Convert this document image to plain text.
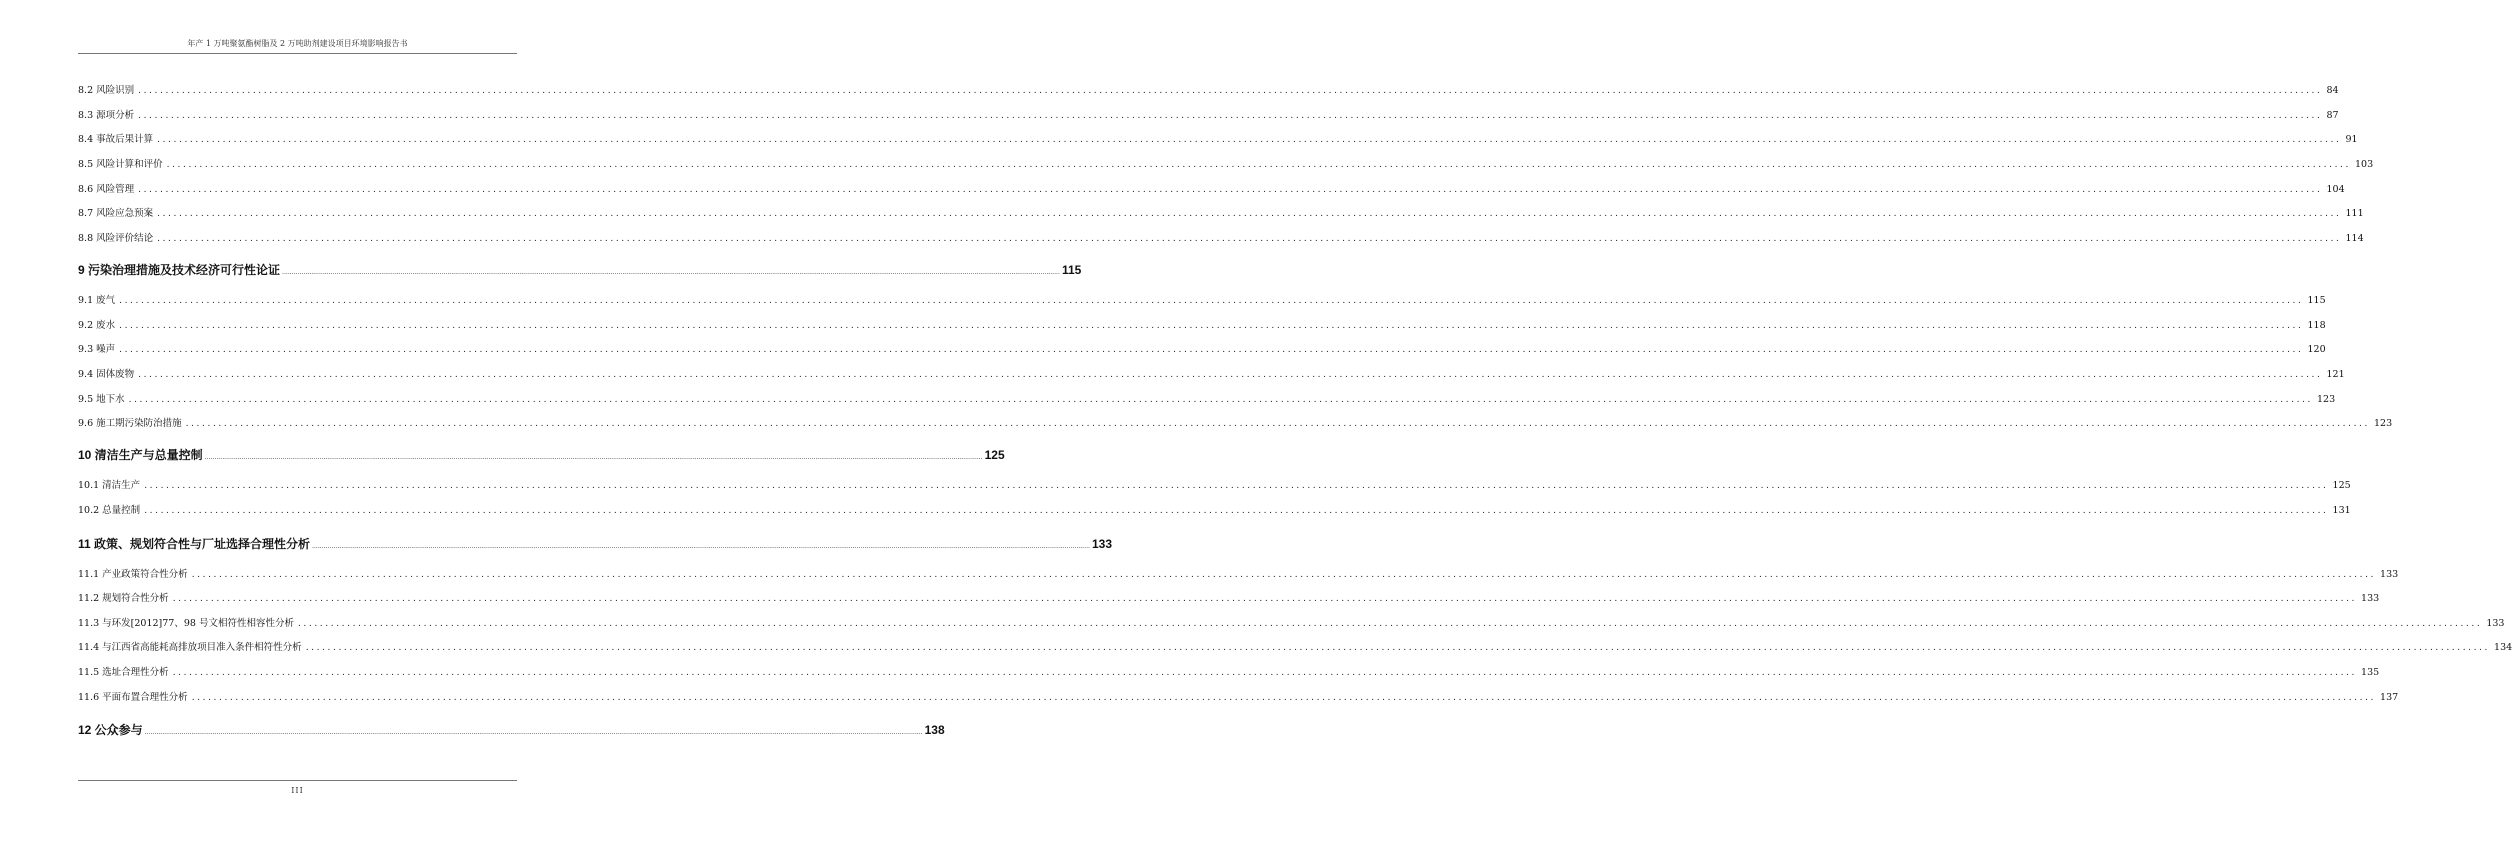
年产 1 万吨聚氨酯树脂及 2 万吨助剂建设项目环境影响报告书
8.2 风险识别 ................................................................................................................................................................................................................................................................................................................................................................................................................ 84
8.3 源项分析 ................................................................................................................................................................................................................................................................................................................................................................................................................ 87
8.4 事故后果计算 ................................................................................................................................................................................................................................................................................................................................................................................................................ 91
8.5 风险计算和评价 ................................................................................................................................................................................................................................................................................................................................................................................................................ 103
8.6 风险管理 ................................................................................................................................................................................................................................................................................................................................................................................................................ 104
8.7 风险应急预案 ................................................................................................................................................................................................................................................................................................................................................................................................................ 111
8.8 风险评价结论 ................................................................................................................................................................................................................................................................................................................................................................................................................ 114
9 污染治理措施及技术经济可行性论证 ................................................................................................................................................................................................................................................................................................................................................................................................................ 115
9.1 废气 ................................................................................................................................................................................................................................................................................................................................................................................................................ 115
9.2 废水 ................................................................................................................................................................................................................................................................................................................................................................................................................ 118
9.3 噪声 ................................................................................................................................................................................................................................................................................................................................................................................................................ 120
9.4 固体废物 ................................................................................................................................................................................................................................................................................................................................................................................................................ 121
9.5 地下水 ................................................................................................................................................................................................................................................................................................................................................................................................................ 123
9.6 施工期污染防治措施 ................................................................................................................................................................................................................................................................................................................................................................................................................ 123
10 清洁生产与总量控制 ................................................................................................................................................................................................................................................................................................................................................................................................................ 125
10.1 清洁生产 ................................................................................................................................................................................................................................................................................................................................................................................................................ 125
10.2 总量控制 ................................................................................................................................................................................................................................................................................................................................................................................................................ 131
11 政策、规划符合性与厂址选择合理性分析 ................................................................................................................................................................................................................................................................................................................................................................................................................ 133
11.1 产业政策符合性分析 ................................................................................................................................................................................................................................................................................................................................................................................................................ 133
11.2 规划符合性分析 ................................................................................................................................................................................................................................................................................................................................................................................................................ 133
11.3 与环发[2012]77、98 号文相符性相容性分析 ................................................................................................................................................................................................................................................................................................................................................................................................................ 133
11.4 与江西省高能耗高排放项目准入条件相符性分析 ................................................................................................................................................................................................................................................................................................................................................................................................................ 134
11.5 选址合理性分析 ................................................................................................................................................................................................................................................................................................................................................................................................................ 135
11.6 平面布置合理性分析 ................................................................................................................................................................................................................................................................................................................................................................................................................ 137
12 公众参与 ................................................................................................................................................................................................................................................................................................................................................................................................................ 138
III
